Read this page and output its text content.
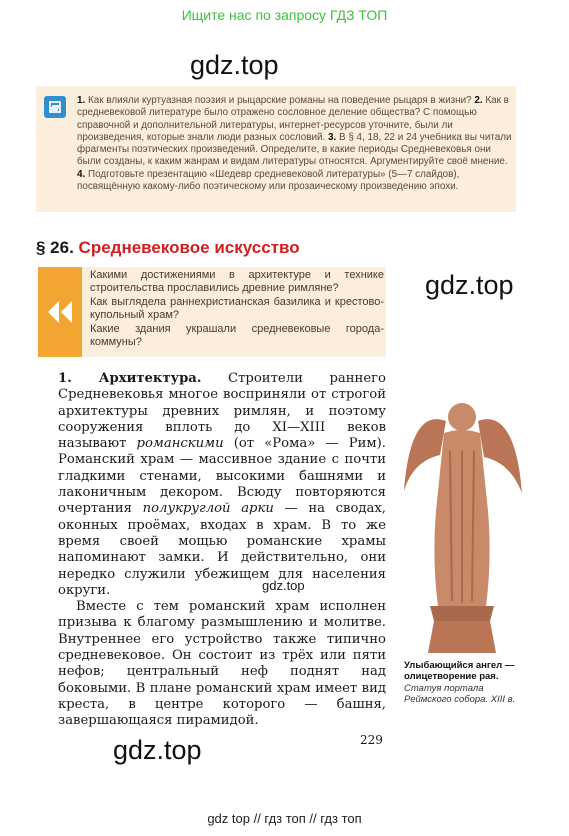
Ищите нас по запросу ГДЗ ТОП
gdz.top
1. Как влияли куртуазная поэзия и рыцарские романы на поведение рыцаря в жизни? 2. Как в средневековой литературе было отражено сословное деление общества? С помощью справочной и дополнительной литературы, интернет-ресурсов уточните, были ли произведения, которые знали люди разных сословий. 3. В § 4, 18, 22 и 24 учебника вы читали фрагменты поэтических произведений. Определите, в какие периоды Средневековья они были созданы, к каким жанрам и видам литературы относятся. Аргументируйте своё мнение. 4. Подготовьте презентацию «Шедевр средневековой литературы» (5—7 слайдов), посвящённую какому-либо поэтическому или прозаическому произведению эпохи.
§ 26. Средневековое искусство
gdz.top
Какими достижениями в архитектуре и технике строительства прославились древние римляне?
Как выглядела раннехристианская базилика и крестово-купольный храм?
Какие здания украшали средневековые города-коммуны?

1. Архитектура. Строители раннего Средневековья многое восприняли от строгой архитектуры древних римлян, и поэтому сооружения вплоть до XI—XIII веков называют романскими (от «Рома» — Рим). Романский храм — массивное здание с почти гладкими стенами, высокими башнями и лаконичным декором. Всюду повторяются очертания полукруглой арки — на сводах, оконных проёмах, входах в храм. В то же время своей мощью романские храмы напоминают замки. И действительно, они нередко служили убежищем для населения округи.

Вместе с тем романский храм исполнен призыва к благому размышлению и молитве. Внутреннее его устройство также типично средневековое. Он состоит из трёх или пяти нефов; центральный неф поднят над боковыми. В плане романский храм имеет вид креста, в центре которого — башня, завершающаяся пирамидой.

gdz.top
Улыбающийся ангел — олицетворение рая. Статуя портала Реймского собора. XIII в.
gdz.top	229
gdz top // гдз топ // гдз топ
